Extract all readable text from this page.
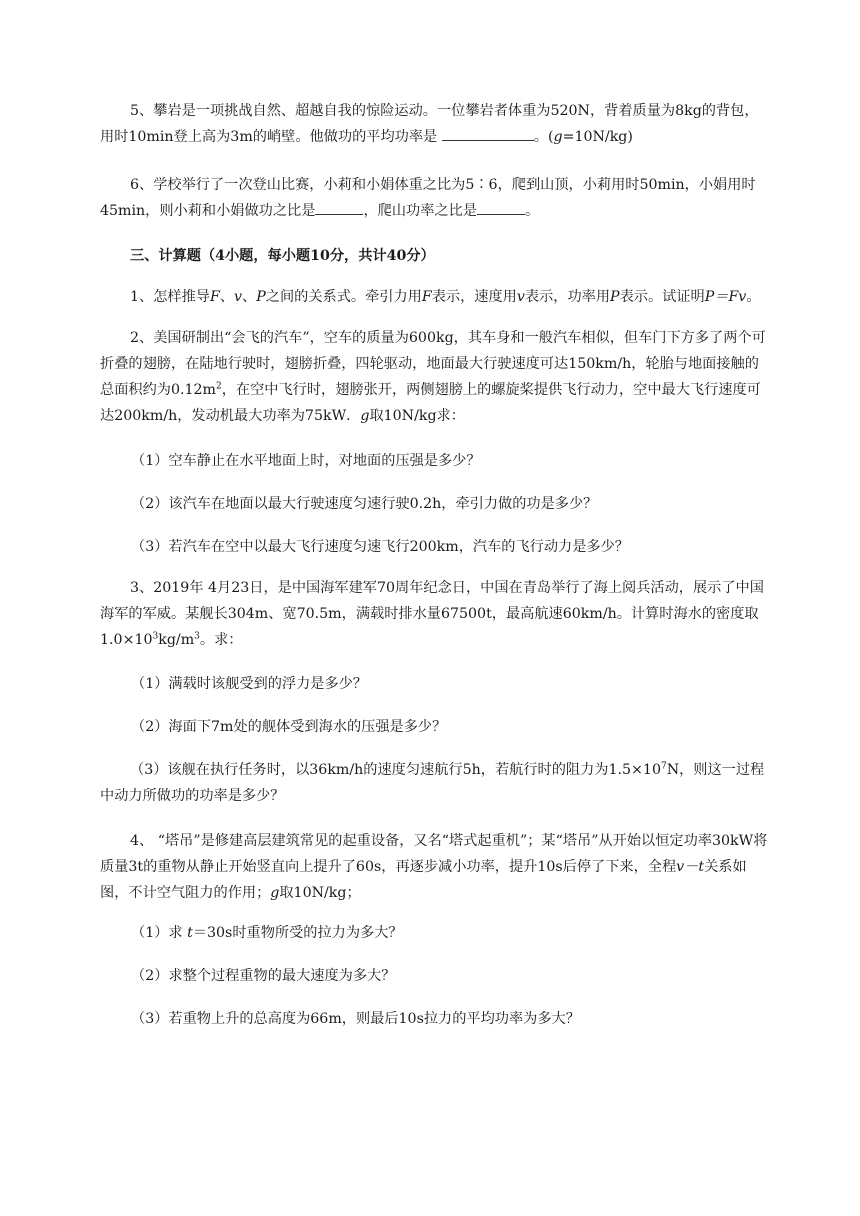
5、攀岩是一项挑战自然、超越自我的惊险运动。一位攀岩者体重为520N，背着质量为8kg的背包，用时10min登上高为3m的峭壁。他做功的平均功率是	。(g=10N/kg)

6、学校举行了一次登山比赛，小莉和小娟体重之比为5∶6，爬到山顶，小莉用时50min，小娟用时45min，则小莉和小娟做功之比是	，爬山功率之比是	。

三、计算题（4小题，每小题10分，共计40分）

1、怎样推导F、v、P之间的关系式。牵引力用F表示，速度用v表示，功率用P表示。试证明P＝Fv。

2、美国研制出“会飞的汽车”，空车的质量为600kg，其车身和一般汽车相似，但车门下方多了两个可折叠的翅膀，在陆地行驶时，翅膀折叠，四轮驱动，地面最大行驶速度可达150km/h，轮胎与地面接触的总面积约为$0.12m^2$，在空中飞行时，翅膀张开，两侧翅膀上的螺旋桨提供飞行动力，空中最大飞行速度可达200km/h，发动机最大功率为75kW．g取10N/kg求：

（1）空车静止在水平地面上时，对地面的压强是多少？

（2）该汽车在地面以最大行驶速度匀速行驶0.2h，牵引力做的功是多少？

（3）若汽车在空中以最大飞行速度匀速飞行200km，汽车的飞行动力是多少？

3、2019年 4月23日，是中国海军建军70周年纪念日，中国在青岛举行了海上阅兵活动，展示了中国海军的军威。某舰长304m、宽70.5m，满载时排水量67500t，最高航速60km/h。计算时海水的密度取$1.0\times 10^3kg/m^3$。求：

（1）满载时该舰受到的浮力是多少？

（2）海面下7m处的舰体受到海水的压强是多少？

（3）该舰在执行任务时，以36km/h的速度匀速航行5h，若航行时的阻力为$1.5\times 10^7N$，则这一过程中动力所做功的功率是多少？

4、 “塔吊”是修建高层建筑常见的起重设备，又名“塔式起重机”；某“塔吊”从开始以恒定功率30kW将质量3t的重物从静止开始竖直向上提升了60s，再逐步减小功率，提升10s后停了下来，全程v－t关系如图，不计空气阻力的作用；g取10N/kg；

（1）求 t＝30s时重物所受的拉力为多大？

（2）求整个过程重物的最大速度为多大？

（3）若重物上升的总高度为66m，则最后10s拉力的平均功率为多大？
